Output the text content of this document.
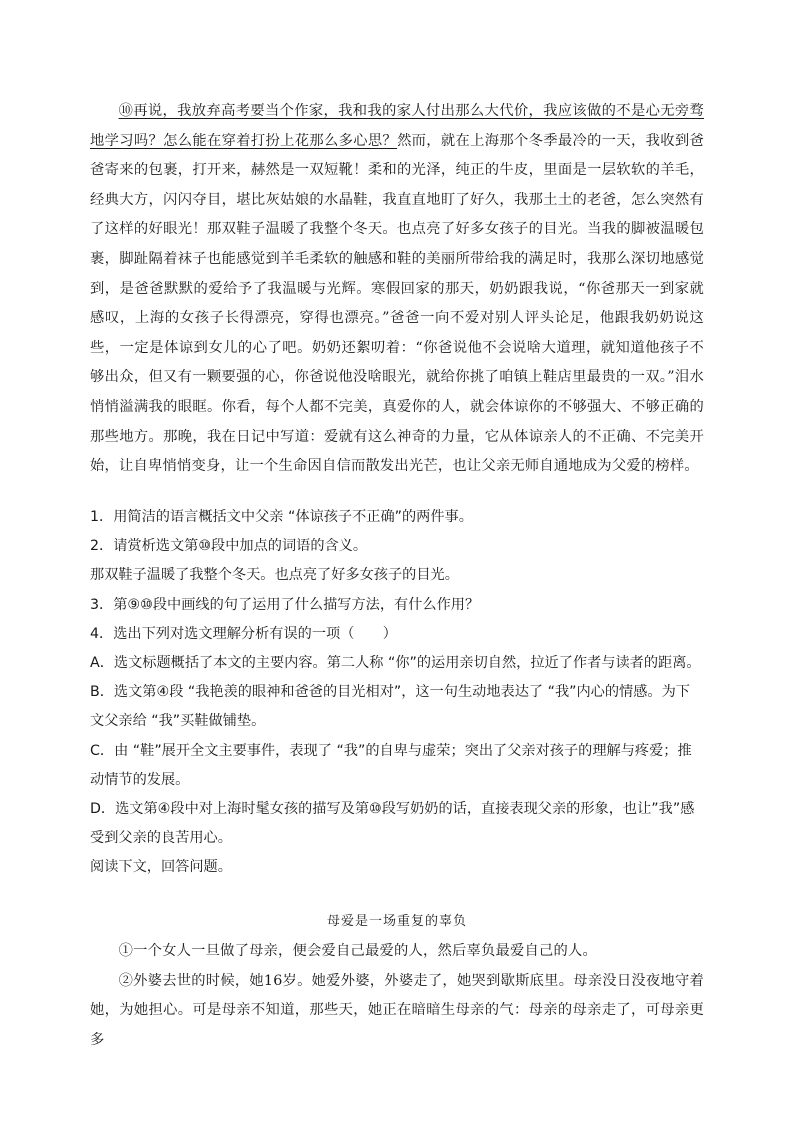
⑩再说，我放弃高考要当个作家，我和我的家人付出那么大代价，我应该做的不是心无旁骛地学习吗？怎么能在穿着打扮上花那么多心思？然而，就在上海那个冬季最冷的一天，我收到爸爸寄来的包裹，打开来，赫然是一双短靴！柔和的光泽，纯正的牛皮，里面是一层软软的羊毛，经典大方，闪闪夺目，堪比灰姑娘的水晶鞋，我直直地盯了好久，我那土土的老爸，怎么突然有了这样的好眼光！那双鞋子温暖了我整个冬天。也点亮了好多女孩子的目光。当我的脚被温暖包裹，脚趾隔着袜子也能感觉到羊毛柔软的触感和鞋的美丽所带给我的满足时，我那么深切地感觉到，是爸爸默默的爱给予了我温暖与光辉。寒假回家的那天，奶奶跟我说，“你爸那天一到家就感叹，上海的女孩子长得漂亮，穿得也漂亮。”爸爸一向不爱对别人评头论足，他跟我奶奶说这些，一定是体谅到女儿的心了吧。奶奶还絮叨着：“你爸说他不会说啥大道理，就知道他孩子不够出众，但又有一颗要强的心，你爸说他没啥眼光，就给你挑了咱镇上鞋店里最贵的一双。”泪水悄悄溢满我的眼眶。你看，每个人都不完美，真爱你的人，就会体谅你的不够强大、不够正确的那些地方。那晚，我在日记中写道：爱就有这么神奇的力量，它从体谅亲人的不正确、不完美开始，让自卑悄悄变身，让一个生命因自信而散发出光芒，也让父亲无师自通地成为父爱的榜样。

1．用简洁的语言概括文中父亲 “体谅孩子不正确”的两件事。

2．请赏析选文第⑩段中加点的词语的含义。

那双鞋子温暖了我整个冬天。也点亮了好多女孩子的目光。

3．第⑨⑩段中画线的句了运用了什么描写方法，有什么作用？

4．选出下列对选文理解分析有误的一项（　　）

A．选文标题概括了本文的主要内容。第二人称 “你”的运用亲切自然，拉近了作者与读者的距离。

B．选文第④段 “我艳羡的眼神和爸爸的目光相对”，这一句生动地表达了 “我”内心的情感。为下文父亲给 “我”买鞋做铺垫。

C．由 “鞋”展开全文主要事件，表现了 “我”的自卑与虚荣；突出了父亲对孩子的理解与疼爱；推动情节的发展。

D．选文第④段中对上海时髦女孩的描写及第⑩段写奶奶的话，直接表现父亲的形象，也让”我”感受到父亲的良苦用心。

阅读下文，回答问题。

母爱是一场重复的辜负

①一个女人一旦做了母亲，便会爱自己最爱的人，然后辜负最爱自己的人。

②外婆去世的时候，她16岁。她爱外婆，外婆走了，她哭到歇斯底里。母亲没日没夜地守着她，为她担心。可是母亲不知道，那些天，她正在暗暗生母亲的气：母亲的母亲走了，可母亲更多
